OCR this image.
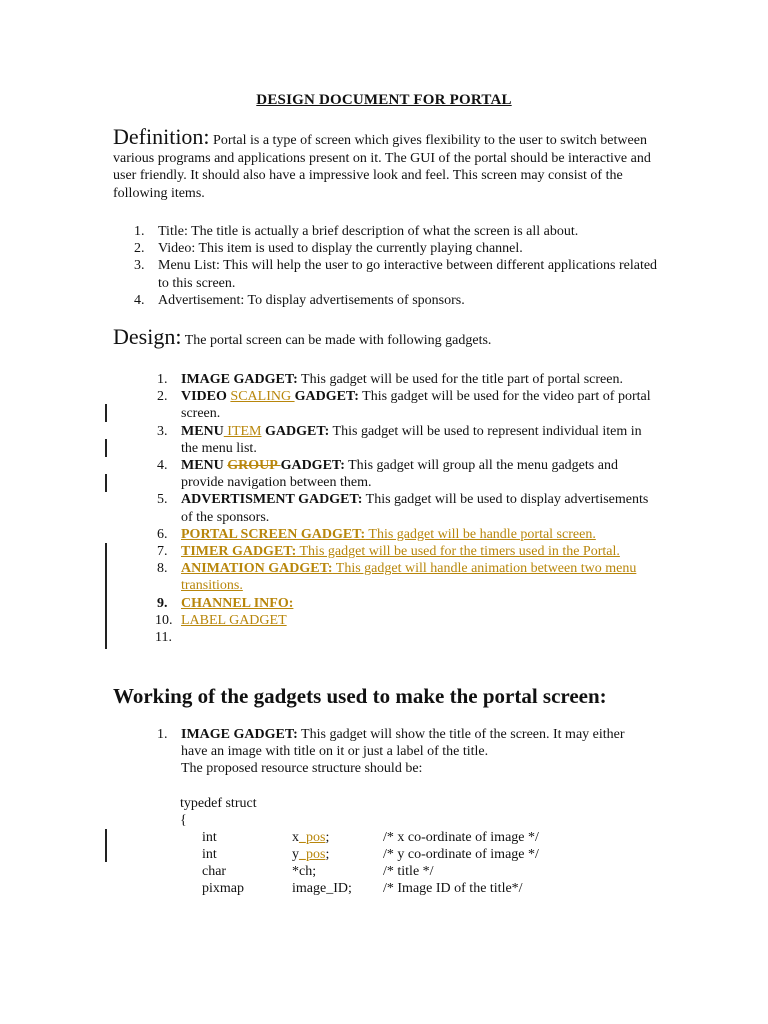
DESIGN DOCUMENT FOR PORTAL
Definition: Portal is a type of screen which gives flexibility to the user to switch between various programs and applications present on it. The GUI of the portal should be interactive and user friendly. It should also have a impressive look and feel. This screen may consist of the following items.
1. Title: The title is actually a brief description of what the screen is all about.
2. Video: This item is used to display the currently playing channel.
3. Menu List: This will help the user to go interactive between different applications related to this screen.
4. Advertisement: To display advertisements of sponsors.
Design: The portal screen can be made with following gadgets.
1. IMAGE GADGET: This gadget will be used for the title part of portal screen.
2. VIDEO SCALING GADGET: This gadget will be used for the video part of portal screen.
3. MENU ITEM GADGET: This gadget will be used to represent individual item in the menu list.
4. MENU GROUP GADGET: This gadget will group all the menu gadgets and provide navigation between them.
5. ADVERTISMENT GADGET: This gadget will be used to display advertisements of the sponsors.
6. PORTAL SCREEN GADGET: This gadget will be handle portal screen.
7. TIMER GADGET: This gadget will be used for the timers used in the Portal.
8. ANIMATION GADGET: This gadget will handle animation between two menu transitions.
9. CHANNEL INFO:
10. LABEL GADGET
11.
Working of the gadgets used to make the portal screen:
1. IMAGE GADGET: This gadget will show the title of the screen. It may either have an image with title on it or just a label of the title.
The proposed resource structure should be:
typedef struct
{
int	x_pos;	/* x co-ordinate of image */
int	y_pos;	/* y co-ordinate of image */
char	*ch;	/* title */
pixmap	image_ID; /* Image ID of the title*/
